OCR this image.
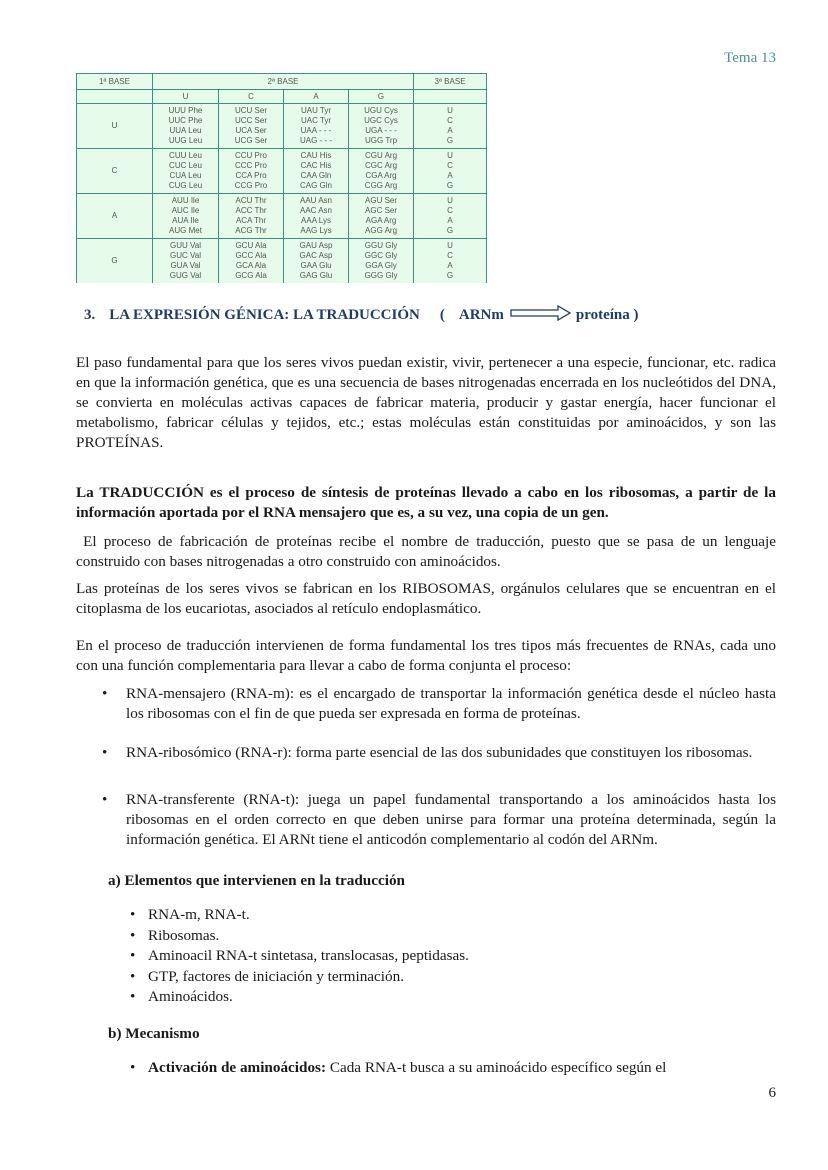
Tema 13
1ª BASE	2ª BASE				3ª BASE
	U	C	A	G	
U	UUU Phe
UUC Phe
UUA Leu
UUG Leu	UCU Ser
UCC Ser
UCA Ser
UCG Ser	UAU Tyr
UAC Tyr
UAA - - -
UAG - - -	UGU Cys
UGC Cys
UGA - - -
UGG Trp	U
C
A
G

C	CUU Leu
CUC Leu
CUA Leu
CUG Leu	CCU Pro
CCC Pro
CCA Pro
CCG Pro	CAU His
CAC His
CAA Gln
CAG Gln	CGU Arg
CGC Arg
CGA Arg
CGG Arg	U
C
A
G

A	AUU Ile
AUC Ile
AUA Ile
AUG Met	ACU Thr
ACC Thr
ACA Thr
ACG Thr	AAU Asn
AAC Asn
AAA Lys
AAG Lys	AGU Ser
AGC Ser
AGA Arg
AGG Arg	U
C
A
G

G	GUU Val
GUC Val
GUA Val
GUG Val	GCU Ala
GCC Ala
GCA Ala
GCG Ala	GAU Asp
GAC Asp
GAA Glu
GAG Glu	GGU Gly
GGC Gly
GGA Gly
GGG Gly	U
C
A
G
3. LA EXPRESIÓN GÉNICA: LA TRADUCCIÓN ( ARNm	proteína )

El paso fundamental para que los seres vivos puedan existir, vivir, pertenecer a una especie, funcionar, etc. radica en que la información genética, que es una secuencia de bases nitrogenadas encerrada en los nucleótidos del DNA, se convierta en moléculas activas capaces de fabricar materia, producir y gastar energía, hacer funcionar el metabolismo, fabricar células y tejidos, etc.; estas moléculas están constituidas por aminoácidos, y son las PROTEÍNAS.

La TRADUCCIÓN es el proceso de síntesis de proteínas llevado a cabo en los ribosomas, a partir de la información aportada por el RNA mensajero que es, a su vez, una copia de un gen.

El proceso de fabricación de proteínas recibe el nombre de traducción, puesto que se pasa de un lenguaje construido con bases nitrogenadas a otro construido con aminoácidos.

Las proteínas de los seres vivos se fabrican en los RIBOSOMAS, orgánulos celulares que se encuentran en el citoplasma de los eucariotas, asociados al retículo endoplasmático.

En el proceso de traducción intervienen de forma fundamental los tres tipos más frecuentes de RNAs, cada uno con una función complementaria para llevar a cabo de forma conjunta el proceso:

• RNA-mensajero (RNA-m): es el encargado de transportar la información genética desde el núcleo hasta los ribosomas con el fin de que pueda ser expresada en forma de proteínas.
• RNA-ribosómico (RNA-r): forma parte esencial de las dos subunidades que constituyen los ribosomas.
• RNA-transferente (RNA-t): juega un papel fundamental transportando a los aminoácidos hasta los ribosomas en el orden correcto en que deben unirse para formar una proteína determinada, según la información genética. El ARNt tiene el anticodón complementario al codón del ARNm.
a) Elementos que intervienen en la traducción
• RNA-m, RNA-t.
• Ribosomas.
• Aminoacil RNA-t sintetasa, translocasas, peptidasas.
• GTP, factores de iniciación y terminación.
• Aminoácidos.
b) Mecanismo
• Activación de aminoácidos: Cada RNA-t busca a su aminoácido específico según el
6
